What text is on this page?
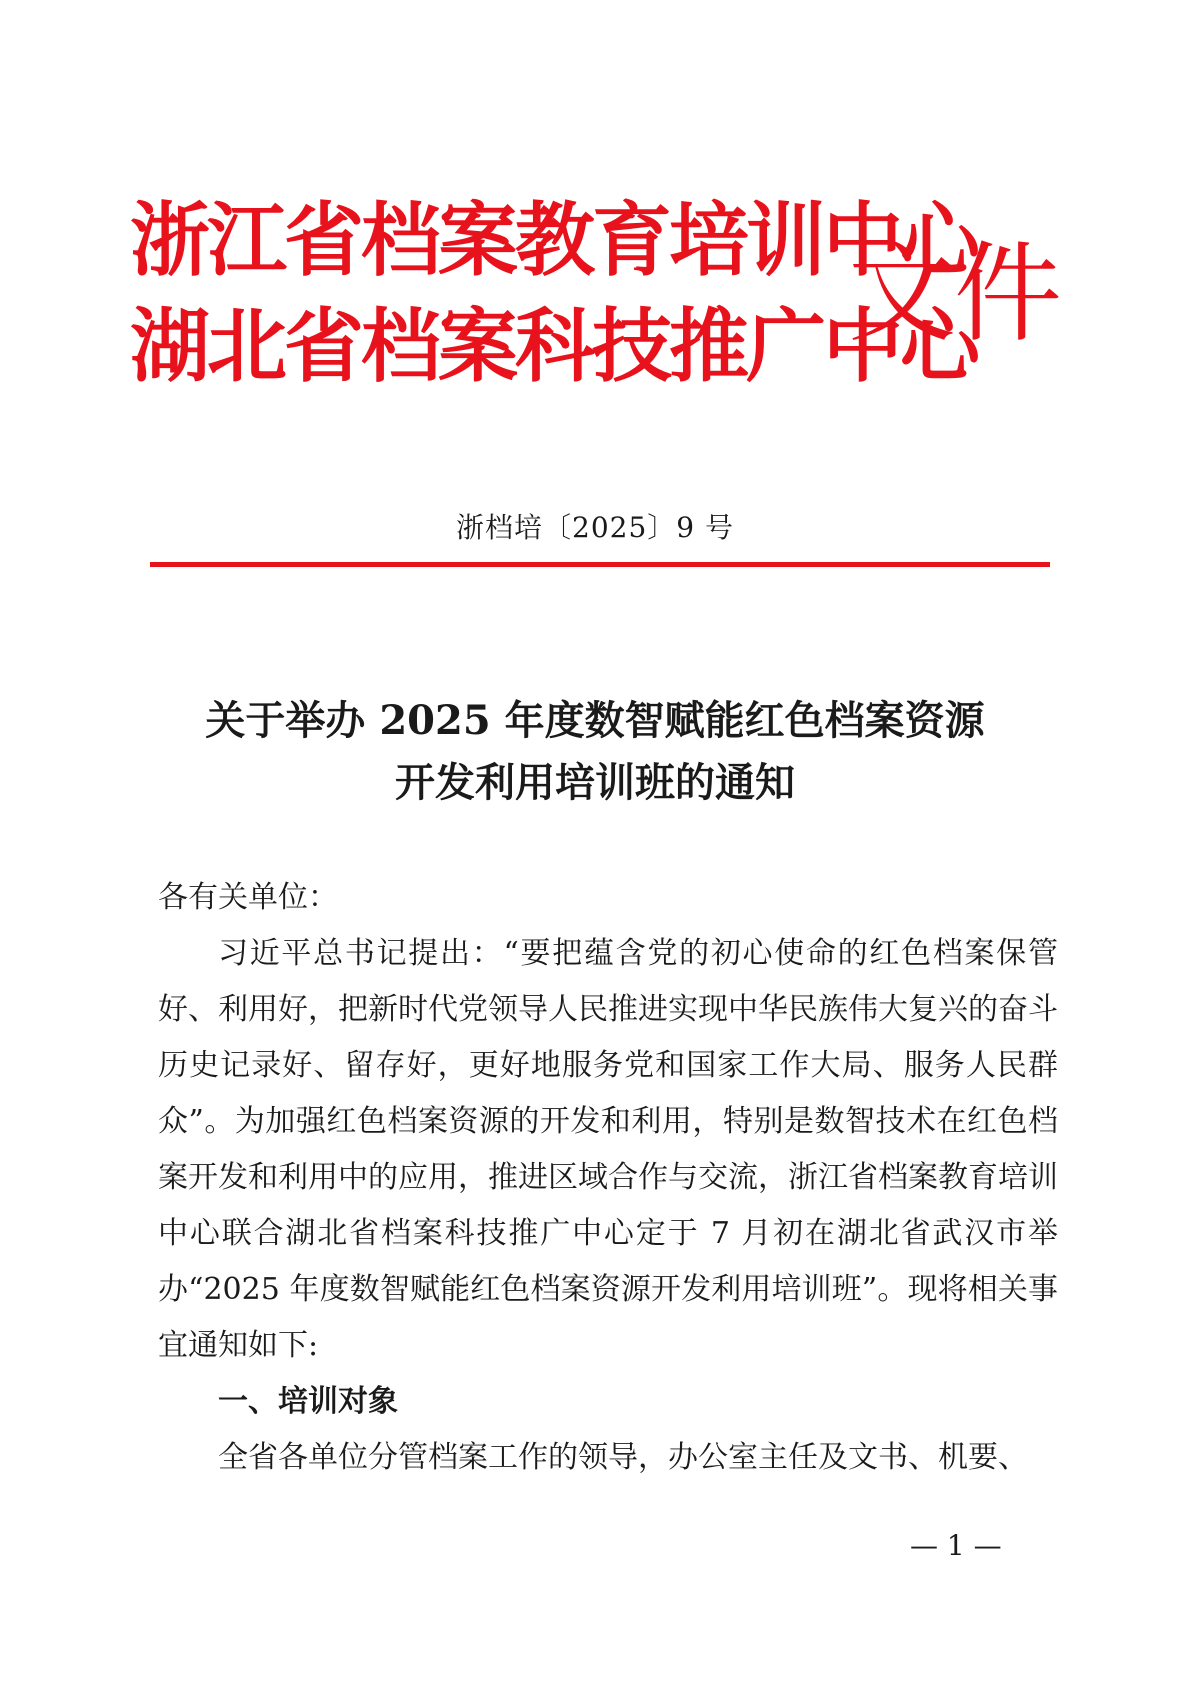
浙江省档案教育培训中心
湖北省档案科技推广中心
文件
浙档培〔2025〕9 号
关于举办 2025 年度数智赋能红色档案资源
开发利用培训班的通知

各有关单位：

习近平总书记提出：“要把蕴含党的初心使命的红色档案保管好、利用好，把新时代党领导人民推进实现中华民族伟大复兴的奋斗历史记录好、留存好，更好地服务党和国家工作大局、服务人民群众”。为加强红色档案资源的开发和利用，特别是数智技术在红色档案开发和利用中的应用，推进区域合作与交流，浙江省档案教育培训中心联合湖北省档案科技推广中心定于 7 月初在湖北省武汉市举办“2025 年度数智赋能红色档案资源开发利用培训班”。现将相关事宜通知如下:

一、培训对象

全省各单位分管档案工作的领导，办公室主任及文书、机要、

— 1 —
